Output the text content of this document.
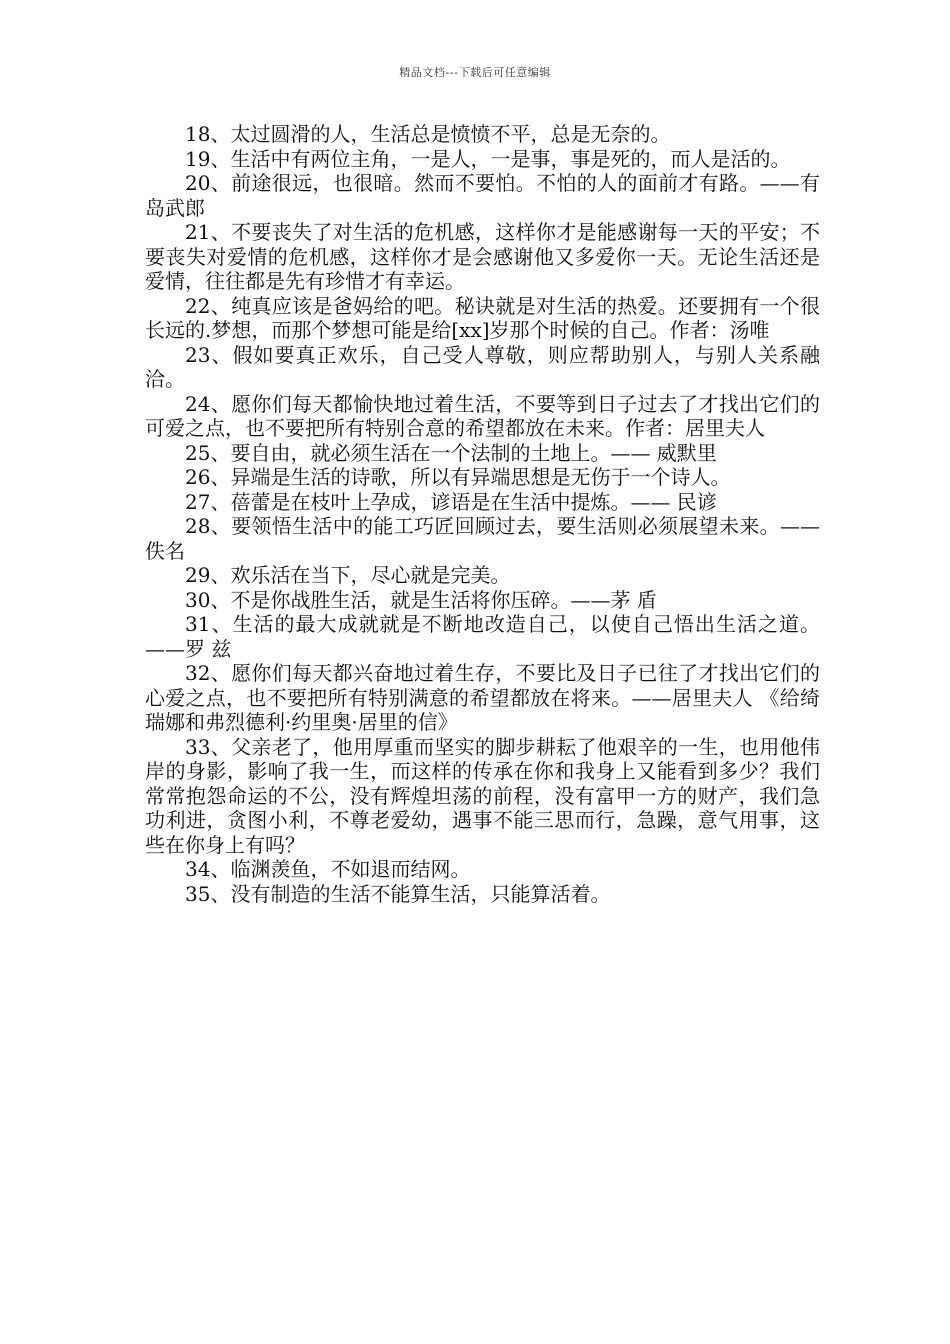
精品文档---下载后可任意编辑

18、太过圆滑的人，生活总是愤愤不平，总是无奈的。

19、生活中有两位主角，一是人，一是事，事是死的，而人是活的。

20、前途很远，也很暗。然而不要怕。不怕的人的面前才有路。——有岛武郎

21、不要丧失了对生活的危机感，这样你才是能感谢每一天的平安；不要丧失对爱情的危机感，这样你才是会感谢他又多爱你一天。无论生活还是爱情，往往都是先有珍惜才有幸运。

22、纯真应该是爸妈给的吧。秘诀就是对生活的热爱。还要拥有一个很长远的.梦想，而那个梦想可能是给[xx]岁那个时候的自己。作者：汤唯

23、假如要真正欢乐，自己受人尊敬，则应帮助别人，与别人关系融洽。

24、愿你们每天都愉快地过着生活，不要等到日子过去了才找出它们的可爱之点，也不要把所有特别合意的希望都放在未来。作者：居里夫人

25、要自由，就必须生活在一个法制的土地上。—— 威默里

26、异端是生活的诗歌，所以有异端思想是无伤于一个诗人。

27、蓓蕾是在枝叶上孕成，谚语是在生活中提炼。—— 民谚

28、要领悟生活中的能工巧匠回顾过去，要生活则必须展望未来。—— 佚名

29、欢乐活在当下，尽心就是完美。

30、不是你战胜生活，就是生活将你压碎。——茅 盾

31、生活的最大成就就是不断地改造自己，以使自己悟出生活之道。——罗 兹

32、愿你们每天都兴奋地过着生存，不要比及日子已往了才找出它们的心爱之点，也不要把所有特别满意的希望都放在将来。——居里夫人 《给绮瑞娜和弗烈德利·约里奥·居里的信》

33、父亲老了，他用厚重而坚实的脚步耕耘了他艰辛的一生，也用他伟岸的身影，影响了我一生，而这样的传承在你和我身上又能看到多少？我们常常抱怨命运的不公，没有辉煌坦荡的前程，没有富甲一方的财产，我们急功利进，贪图小利，不尊老爱幼，遇事不能三思而行，急躁，意气用事，这些在你身上有吗？

34、临渊羡鱼，不如退而结网。

35、没有制造的生活不能算生活，只能算活着。
